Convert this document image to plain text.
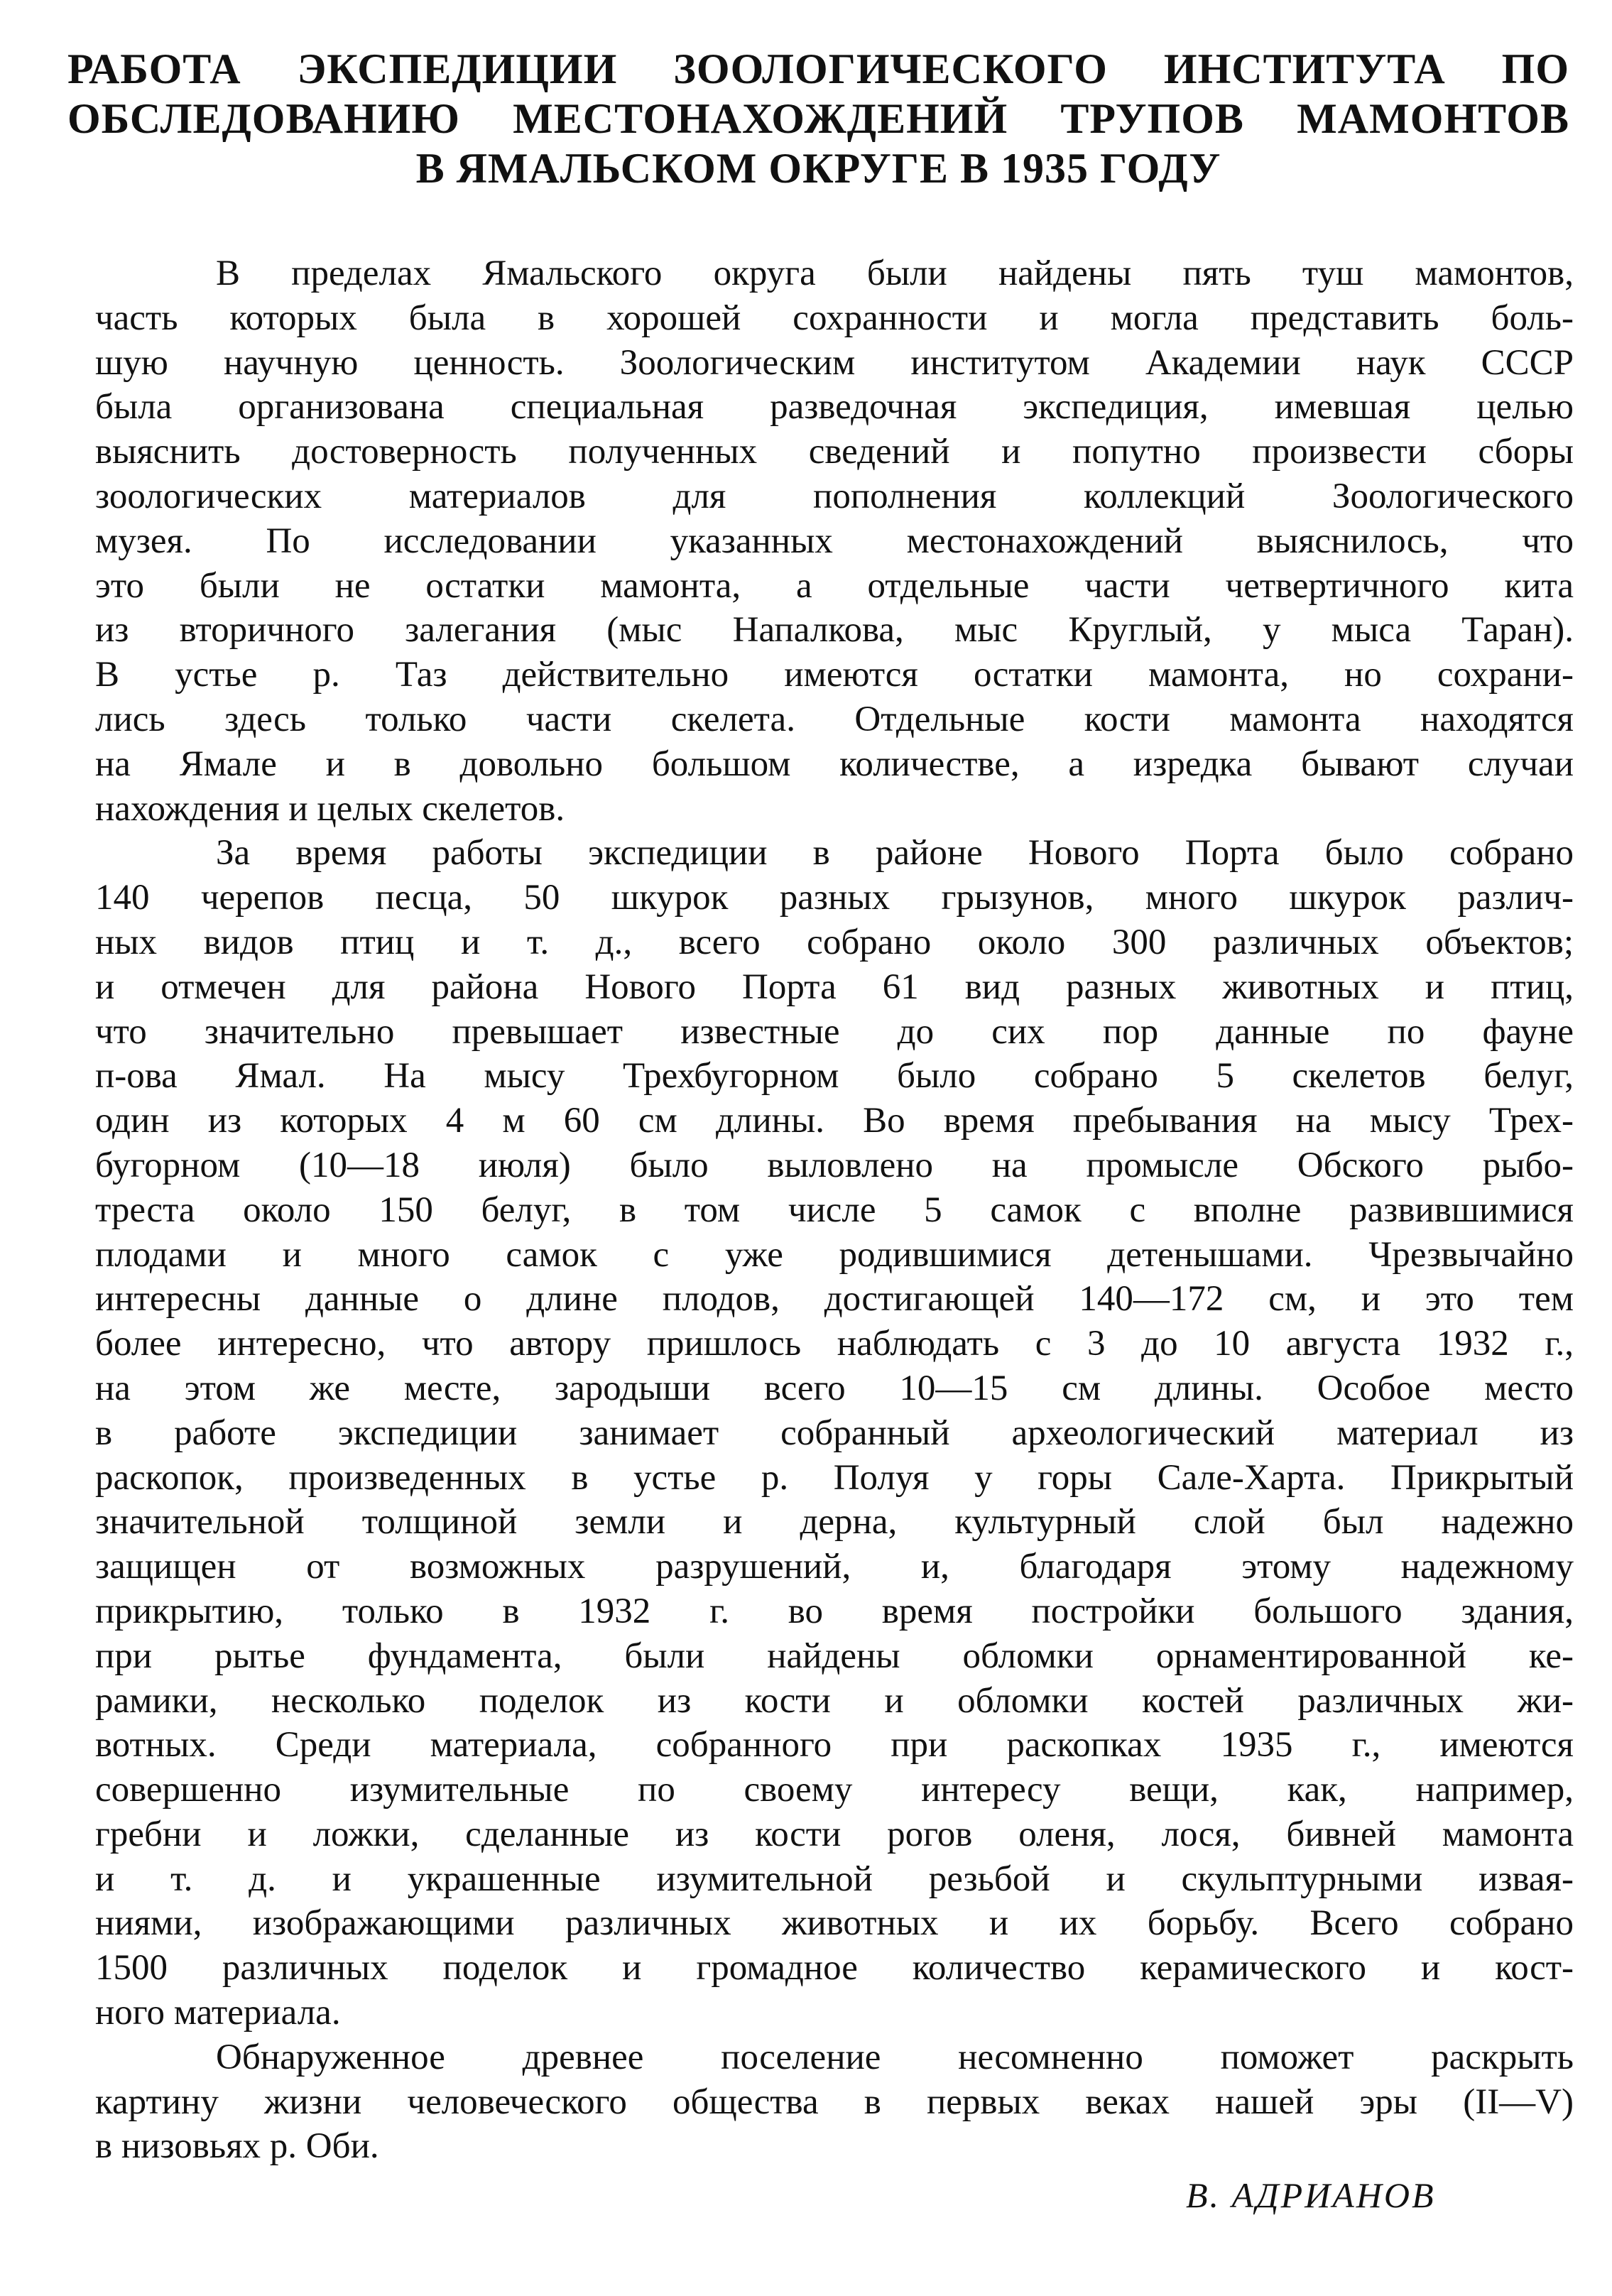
РАБОТА ЭКСПЕДИЦИИ ЗООЛОГИЧЕСКОГО ИНСТИТУТА ПО
ОБСЛЕДОВАНИЮ МЕСТОНАХОЖДЕНИЙ ТРУПОВ МАМОНТОВ
В ЯМАЛЬСКОМ ОКРУГЕ В 1935 ГОДУ
В пределах Ямальского округа были найдены пять туш мамонтов,
часть которых была в хорошей сохранности и могла представить боль-
шую научную ценность. Зоологическим институтом Академии наук СССР
была организована специальная разведочная экспедиция, имевшая целью
выяснить достоверность полученных сведений и попутно произвести сборы
зоологических материалов для пополнения коллекций Зоологического
музея. По исследовании указанных местонахождений выяснилось, что
это были не остатки мамонта, а отдельные части четвертичного кита
из вторичного залегания (мыс Напалкова, мыс Круглый, у мыса Таран).
В устье р. Таз действительно имеются остатки мамонта, но сохрани-
лись здесь только части скелета. Отдельные кости мамонта находятся
на Ямале и в довольно большом количестве, а изредка бывают случаи
нахождения и целых скелетов.
За время работы экспедиции в районе Нового Порта было собрано
140 черепов песца, 50 шкурок разных грызунов, много шкурок различ-
ных видов птиц и т. д., всего собрано около 300 различных объектов;
и отмечен для района Нового Порта 61 вид разных животных и птиц,
что значительно превышает известные до сих пор данные по фауне
п-ова Ямал. На мысу Трехбугорном было собрано 5 скелетов белуг,
один из которых 4 м 60 см длины. Во время пребывания на мысу Трех-
бугорном (10—18 июля) было выловлено на промысле Обского рыбо-
треста около 150 белуг, в том числе 5 самок с вполне развившимися
плодами и много самок с уже родившимися детенышами. Чрезвычайно
интересны данные о длине плодов, достигающей 140—172 см, и это тем
более интересно, что автору пришлось наблюдать с 3 до 10 августа 1932 г.,
на этом же месте, зародыши всего 10—15 см длины. Особое место
в работе экспедиции занимает собранный археологический материал из
раскопок, произведенных в устье р. Полуя у горы Сале-Харта. Прикрытый
значительной толщиной земли и дерна, культурный слой был надежно
защищен от возможных разрушений, и, благодаря этому надежному
прикрытию, только в 1932 г. во время постройки большого здания,
при рытье фундамента, были найдены обломки орнаментированной ке-
рамики, несколько поделок из кости и обломки костей различных жи-
вотных. Среди материала, собранного при раскопках 1935 г., имеются
совершенно изумительные по своему интересу вещи, как, например,
гребни и ложки, сделанные из кости рогов оленя, лося, бивней мамонта
и т. д. и украшенные изумительной резьбой и скульптурными извая-
ниями, изображающими различных животных и их борьбу. Всего собрано
1500 различных поделок и громадное количество керамического и кост-
ного материала.
Обнаруженное древнее поселение несомненно поможет раскрыть
картину жизни человеческого общества в первых веках нашей эры (II—V)
в низовьях р. Оби.
В. АДРИАНОВ
